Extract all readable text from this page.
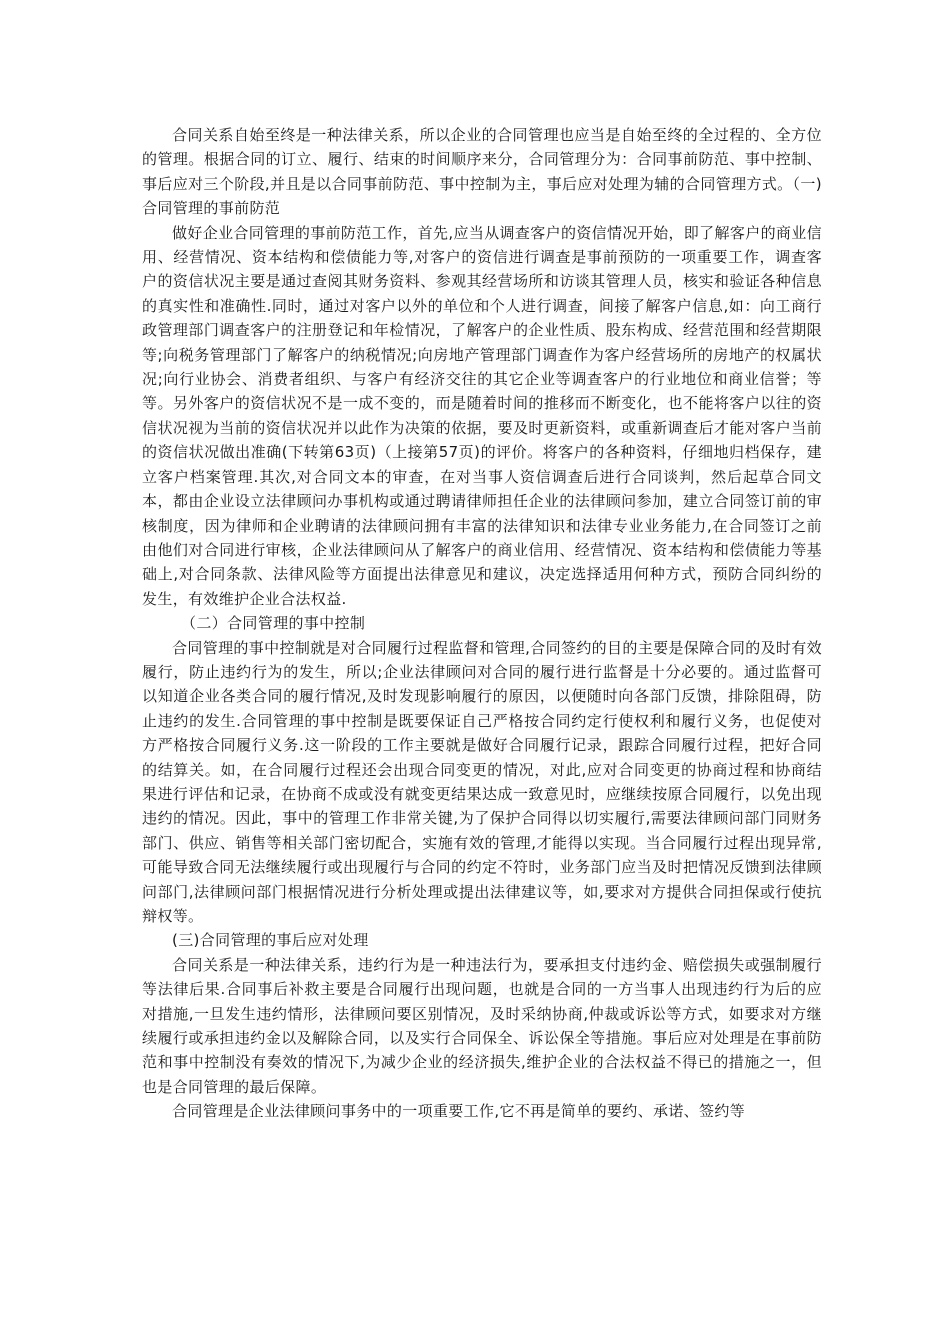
合同关系自始至终是一种法律关系，所以企业的合同管理也应当是自始至终的全过程的、全方位的管理。根据合同的订立、履行、结束的时间顺序来分，合同管理分为：合同事前防范、事中控制、事后应对三个阶段,并且是以合同事前防范、事中控制为主，事后应对处理为辅的合同管理方式。（一)合同管理的事前防范

做好企业合同管理的事前防范工作，首先,应当从调查客户的资信情况开始，即了解客户的商业信用、经营情况、资本结构和偿债能力等,对客户的资信进行调查是事前预防的一项重要工作，调查客户的资信状况主要是通过查阅其财务资料、参观其经营场所和访谈其管理人员，核实和验证各种信息的真实性和准确性.同时，通过对客户以外的单位和个人进行调查，间接了解客户信息,如：向工商行政管理部门调查客户的注册登记和年检情况，了解客户的企业性质、股东构成、经营范围和经营期限等;向税务管理部门了解客户的纳税情况;向房地产管理部门调查作为客户经营场所的房地产的权属状况;向行业协会、消费者组织、与客户有经济交往的其它企业等调查客户的行业地位和商业信誉；等等。另外客户的资信状况不是一成不变的，而是随着时间的推移而不断变化，也不能将客户以往的资信状况视为当前的资信状况并以此作为决策的依据，要及时更新资料，或重新调查后才能对客户当前的资信状况做出准确(下转第63页)（上接第57页)的评价。将客户的各种资料，仔细地归档保存，建立客户档案管理.其次,对合同文本的审查，在对当事人资信调查后进行合同谈判，然后起草合同文本，都由企业设立法律顾问办事机构或通过聘请律师担任企业的法律顾问参加，建立合同签订前的审核制度，因为律师和企业聘请的法律顾问拥有丰富的法律知识和法律专业业务能力,在合同签订之前由他们对合同进行审核，企业法律顾问从了解客户的商业信用、经营情况、资本结构和偿债能力等基础上,对合同条款、法律风险等方面提出法律意见和建议，决定选择适用何种方式，预防合同纠纷的发生，有效维护企业合法权益.

（二）合同管理的事中控制

合同管理的事中控制就是对合同履行过程监督和管理,合同签约的目的主要是保障合同的及时有效履行，防止违约行为的发生，所以;企业法律顾问对合同的履行进行监督是十分必要的。通过监督可以知道企业各类合同的履行情况,及时发现影响履行的原因，以便随时向各部门反馈，排除阻碍，防止违约的发生.合同管理的事中控制是既要保证自己严格按合同约定行使权利和履行义务，也促使对方严格按合同履行义务.这一阶段的工作主要就是做好合同履行记录，跟踪合同履行过程，把好合同的结算关。如，在合同履行过程还会出现合同变更的情况，对此,应对合同变更的协商过程和协商结果进行评估和记录，在协商不成或没有就变更结果达成一致意见时，应继续按原合同履行，以免出现违约的情况。因此，事中的管理工作非常关键,为了保护合同得以切实履行,需要法律顾问部门同财务部门、供应、销售等相关部门密切配合，实施有效的管理,才能得以实现。当合同履行过程出现异常,可能导致合同无法继续履行或出现履行与合同的约定不符时，业务部门应当及时把情况反馈到法律顾问部门,法律顾问部门根据情况进行分析处理或提出法律建议等，如,要求对方提供合同担保或行使抗辩权等。

(三)合同管理的事后应对处理

合同关系是一种法律关系，违约行为是一种违法行为，要承担支付违约金、赔偿损失或强制履行等法律后果.合同事后补救主要是合同履行出现问题，也就是合同的一方当事人出现违约行为后的应对措施,一旦发生违约情形，法律顾问要区别情况，及时采纳协商,仲裁或诉讼等方式，如要求对方继续履行或承担违约金以及解除合同，以及实行合同保全、诉讼保全等措施。事后应对处理是在事前防范和事中控制没有奏效的情况下,为减少企业的经济损失,维护企业的合法权益不得已的措施之一，但也是合同管理的最后保障。

合同管理是企业法律顾问事务中的一项重要工作,它不再是简单的要约、承诺、签约等
